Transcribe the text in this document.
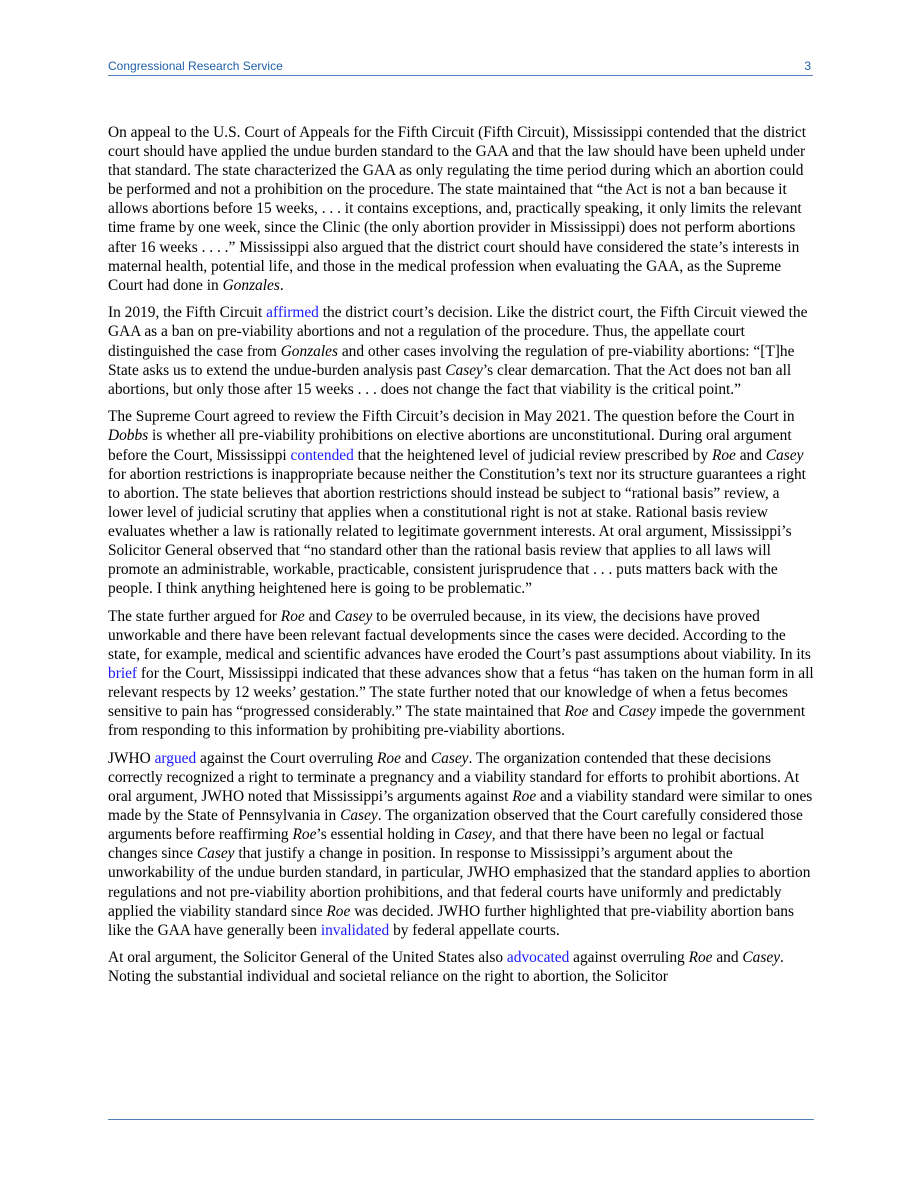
Congressional Research Service	3

On appeal to the U.S. Court of Appeals for the Fifth Circuit (Fifth Circuit), Mississippi contended that the district court should have applied the undue burden standard to the GAA and that the law should have been upheld under that standard. The state characterized the GAA as only regulating the time period during which an abortion could be performed and not a prohibition on the procedure. The state maintained that “the Act is not a ban because it allows abortions before 15 weeks, . . . it contains exceptions, and, practically speaking, it only limits the relevant time frame by one week, since the Clinic (the only abortion provider in Mississippi) does not perform abortions after 16 weeks . . . .” Mississippi also argued that the district court should have considered the state’s interests in maternal health, potential life, and those in the medical profession when evaluating the GAA, as the Supreme Court had done in Gonzales.

In 2019, the Fifth Circuit affirmed the district court’s decision. Like the district court, the Fifth Circuit viewed the GAA as a ban on pre-viability abortions and not a regulation of the procedure. Thus, the appellate court distinguished the case from Gonzales and other cases involving the regulation of pre-viability abortions: “[T]he State asks us to extend the undue-burden analysis past Casey’s clear demarcation. That the Act does not ban all abortions, but only those after 15 weeks . . . does not change the fact that viability is the critical point.”

The Supreme Court agreed to review the Fifth Circuit’s decision in May 2021. The question before the Court in Dobbs is whether all pre-viability prohibitions on elective abortions are unconstitutional. During oral argument before the Court, Mississippi contended that the heightened level of judicial review prescribed by Roe and Casey for abortion restrictions is inappropriate because neither the Constitution’s text nor its structure guarantees a right to abortion. The state believes that abortion restrictions should instead be subject to “rational basis” review, a lower level of judicial scrutiny that applies when a constitutional right is not at stake. Rational basis review evaluates whether a law is rationally related to legitimate government interests. At oral argument, Mississippi’s Solicitor General observed that “no standard other than the rational basis review that applies to all laws will promote an administrable, workable, practicable, consistent jurisprudence that . . . puts matters back with the people. I think anything heightened here is going to be problematic.”

The state further argued for Roe and Casey to be overruled because, in its view, the decisions have proved unworkable and there have been relevant factual developments since the cases were decided. According to the state, for example, medical and scientific advances have eroded the Court’s past assumptions about viability. In its brief for the Court, Mississippi indicated that these advances show that a fetus “has taken on the human form in all relevant respects by 12 weeks’ gestation.” The state further noted that our knowledge of when a fetus becomes sensitive to pain has “progressed considerably.” The state maintained that Roe and Casey impede the government from responding to this information by prohibiting pre-viability abortions.

JWHO argued against the Court overruling Roe and Casey. The organization contended that these decisions correctly recognized a right to terminate a pregnancy and a viability standard for efforts to prohibit abortions. At oral argument, JWHO noted that Mississippi’s arguments against Roe and a viability standard were similar to ones made by the State of Pennsylvania in Casey. The organization observed that the Court carefully considered those arguments before reaffirming Roe’s essential holding in Casey, and that there have been no legal or factual changes since Casey that justify a change in position. In response to Mississippi’s argument about the unworkability of the undue burden standard, in particular, JWHO emphasized that the standard applies to abortion regulations and not pre-viability abortion prohibitions, and that federal courts have uniformly and predictably applied the viability standard since Roe was decided. JWHO further highlighted that pre-viability abortion bans like the GAA have generally been invalidated by federal appellate courts.

At oral argument, the Solicitor General of the United States also advocated against overruling Roe and Casey. Noting the substantial individual and societal reliance on the right to abortion, the Solicitor
